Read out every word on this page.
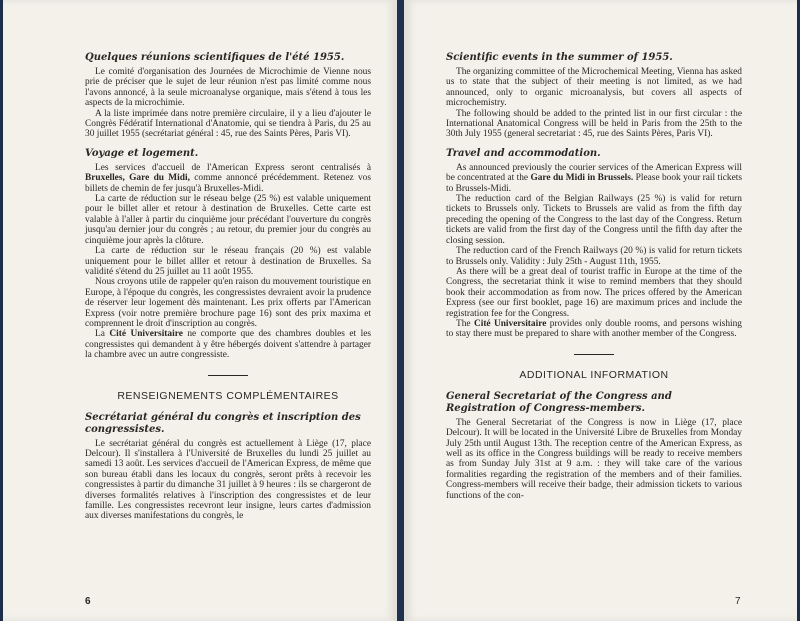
Quelques réunions scientifiques de l'été 1955.

Le comité d'organisation des Journées de Microchimie de Vienne nous prie de préciser que le sujet de leur réunion n'est pas limité comme nous l'avons annoncé, à la seule microanalyse organique, mais s'étend à tous les aspects de la microchimie.

A la liste imprimée dans notre première circulaire, il y a lieu d'ajouter le Congrès Fédératif International d'Anatomie, qui se tiendra à Paris, du 25 au 30 juillet 1955 (secrétariat général : 45, rue des Saints Pères, Paris VI).

Voyage et logement.

Les services d'accueil de l'American Express seront centralisés à Bruxelles, Gare du Midi, comme annoncé précédemment. Retenez vos billets de chemin de fer jusqu'à Bruxelles-Midi.

La carte de réduction sur le réseau belge (25 %) est valable uniquement pour le billet aller et retour à destination de Bruxelles. Cette carte est valable à l'aller à partir du cinquième jour précédant l'ouverture du congrès jusqu'au dernier jour du congrès ; au retour, du premier jour du congrès au cinquième jour après la clôture.

La carte de réduction sur le réseau français (20 %) est valable uniquement pour le billet alller et retour à destination de Bruxelles. Sa validité s'étend du 25 juillet au 11 août 1955.

Nous croyons utile de rappeler qu'en raison du mouvement touristique en Europe, à l'époque du congrès, les congressistes devraient avoir la prudence de réserver leur logement dès maintenant. Les prix offerts par l'American Express (voir notre première brochure page 16) sont des prix maxima et comprennent le droit d'inscription au congrès.

La Cité Universitaire ne comporte que des chambres doubles et les congressistes qui demandent à y être hébergés doivent s'attendre à partager la chambre avec un autre congressiste.

RENSEIGNEMENTS COMPLÉMENTAIRES
Secrétariat général du congrès et inscription des congressistes.

Le secrétariat général du congrès est actuellement à Liège (17, place Delcour). Il s'installera à l'Université de Bruxelles du lundi 25 juillet au samedi 13 août. Les services d'accueil de l'American Express, de même que son bureau établi dans les locaux du congrès, seront prêts à recevoir les congressistes à partir du dimanche 31 juillet à 9 heures : ils se chargeront de diverses formalités relatives à l'inscription des congressistes et de leur famille. Les congressistes recevront leur insigne, leurs cartes d'admission aux diverses manifestations du congrès, le

6
Scientific events in the summer of 1955.

The organizing committee of the Microchemical Meeting, Vienna has asked us to state that the subject of their meeting is not limited, as we had announced, only to organic microanalysis, but covers all aspects of microchemistry.

The following should be added to the printed list in our first circular : the International Anatomical Congress will be held in Paris from the 25th to the 30th July 1955 (general secretariat : 45, rue des Saints Pères, Paris VI).

Travel and accommodation.

As announced previously the courier services of the American Express will be concentrated at the Gare du Midi in Brussels. Please book your rail tickets to Brussels-Midi.

The reduction card of the Belgian Railways (25 %) is valid for return tickets to Brussels only. Tickets to Brussels are valid as from the fifth day preceding the opening of the Congress to the last day of the Congress. Return tickets are valid from the first day of the Congress until the fifth day after the closing session.

The reduction card of the French Railways (20 %) is valid for return tickets to Brussels only. Validity : July 25th - August 11th, 1955.

As there will be a great deal of tourist traffic in Europe at the time of the Congress, the secretariat think it wise to remind members that they should book their accommodation as from now. The prices offered by the American Express (see our first booklet, page 16) are maximum prices and include the registration fee for the Congress.

The Cité Universitaire provides only double rooms, and persons wishing to stay there must be prepared to share with another member of the Congress.

ADDITIONAL INFORMATION
General Secretariat of the Congress and Registration of Congress-members.

The General Secretariat of the Congress is now in Liège (17, place Delcour). It will be located in the Université Libre de Bruxelles from Monday July 25th until August 13th. The reception centre of the American Express, as well as its office in the Congress buildings will be ready to receive members as from Sunday July 31st at 9 a.m. : they will take care of the various formalities regarding the registration of the members and of their families. Congress-members will receive their badge, their admission tickets to various functions of the con-

7
